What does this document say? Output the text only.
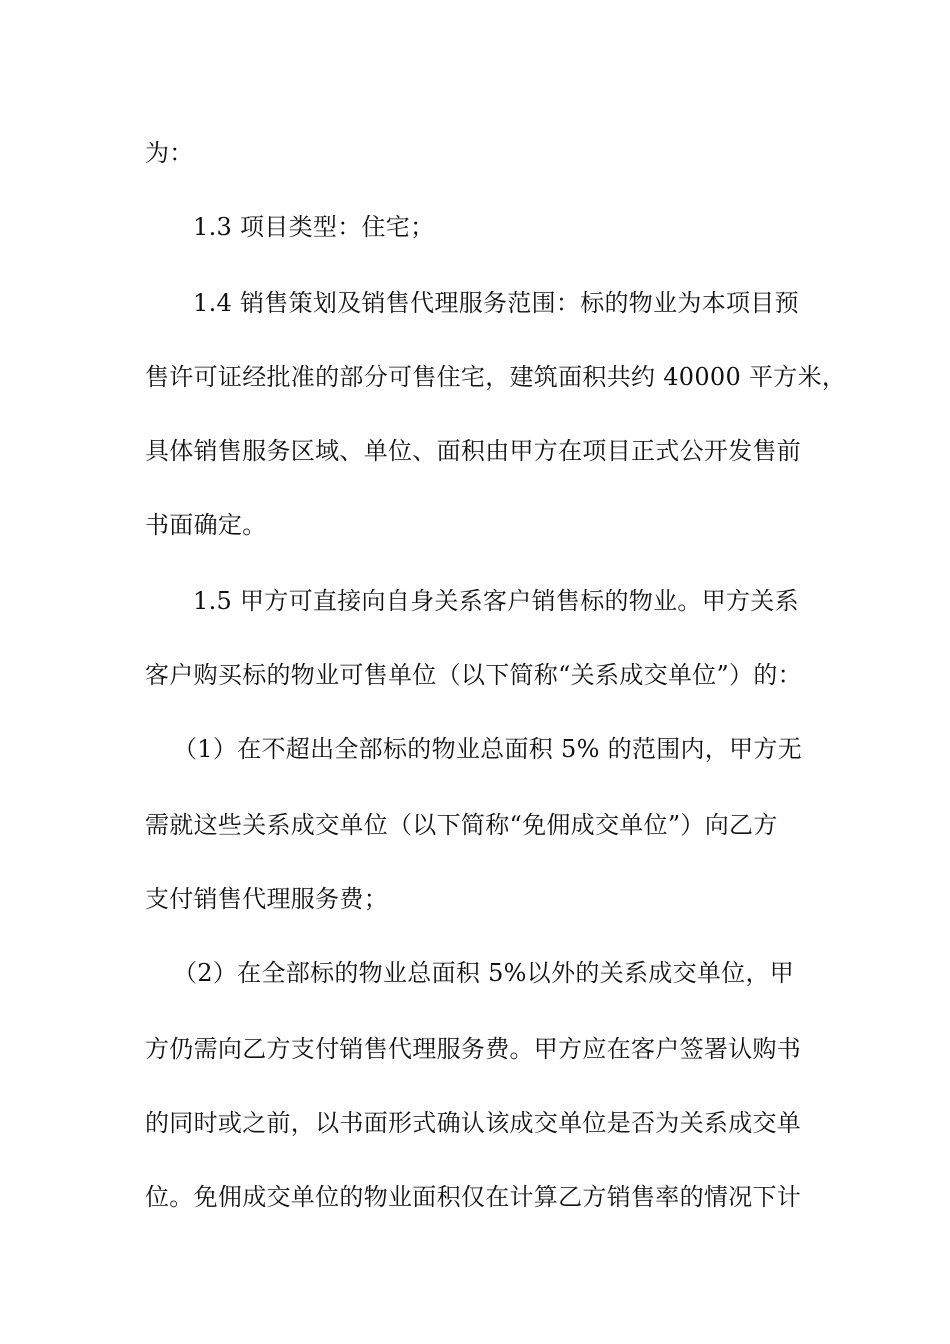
为：
1.3 项目类型：住宅；
1.4 销售策划及销售代理服务范围：标的物业为本项目预
售许可证经批准的部分可售住宅，建筑面积共约 40000 平方米，
具体销售服务区域、单位、面积由甲方在项目正式公开发售前
书面确定。
1.5 甲方可直接向自身关系客户销售标的物业。甲方关系
客户购买标的物业可售单位（以下简称“关系成交单位”）的：
（1）在不超出全部标的物业总面积 5% 的范围内，甲方无
需就这些关系成交单位（以下简称“免佣成交单位”）向乙方
支付销售代理服务费；
（2）在全部标的物业总面积 5%以外的关系成交单位，甲
方仍需向乙方支付销售代理服务费。甲方应在客户签署认购书
的同时或之前，以书面形式确认该成交单位是否为关系成交单
位。免佣成交单位的物业面积仅在计算乙方销售率的情况下计
